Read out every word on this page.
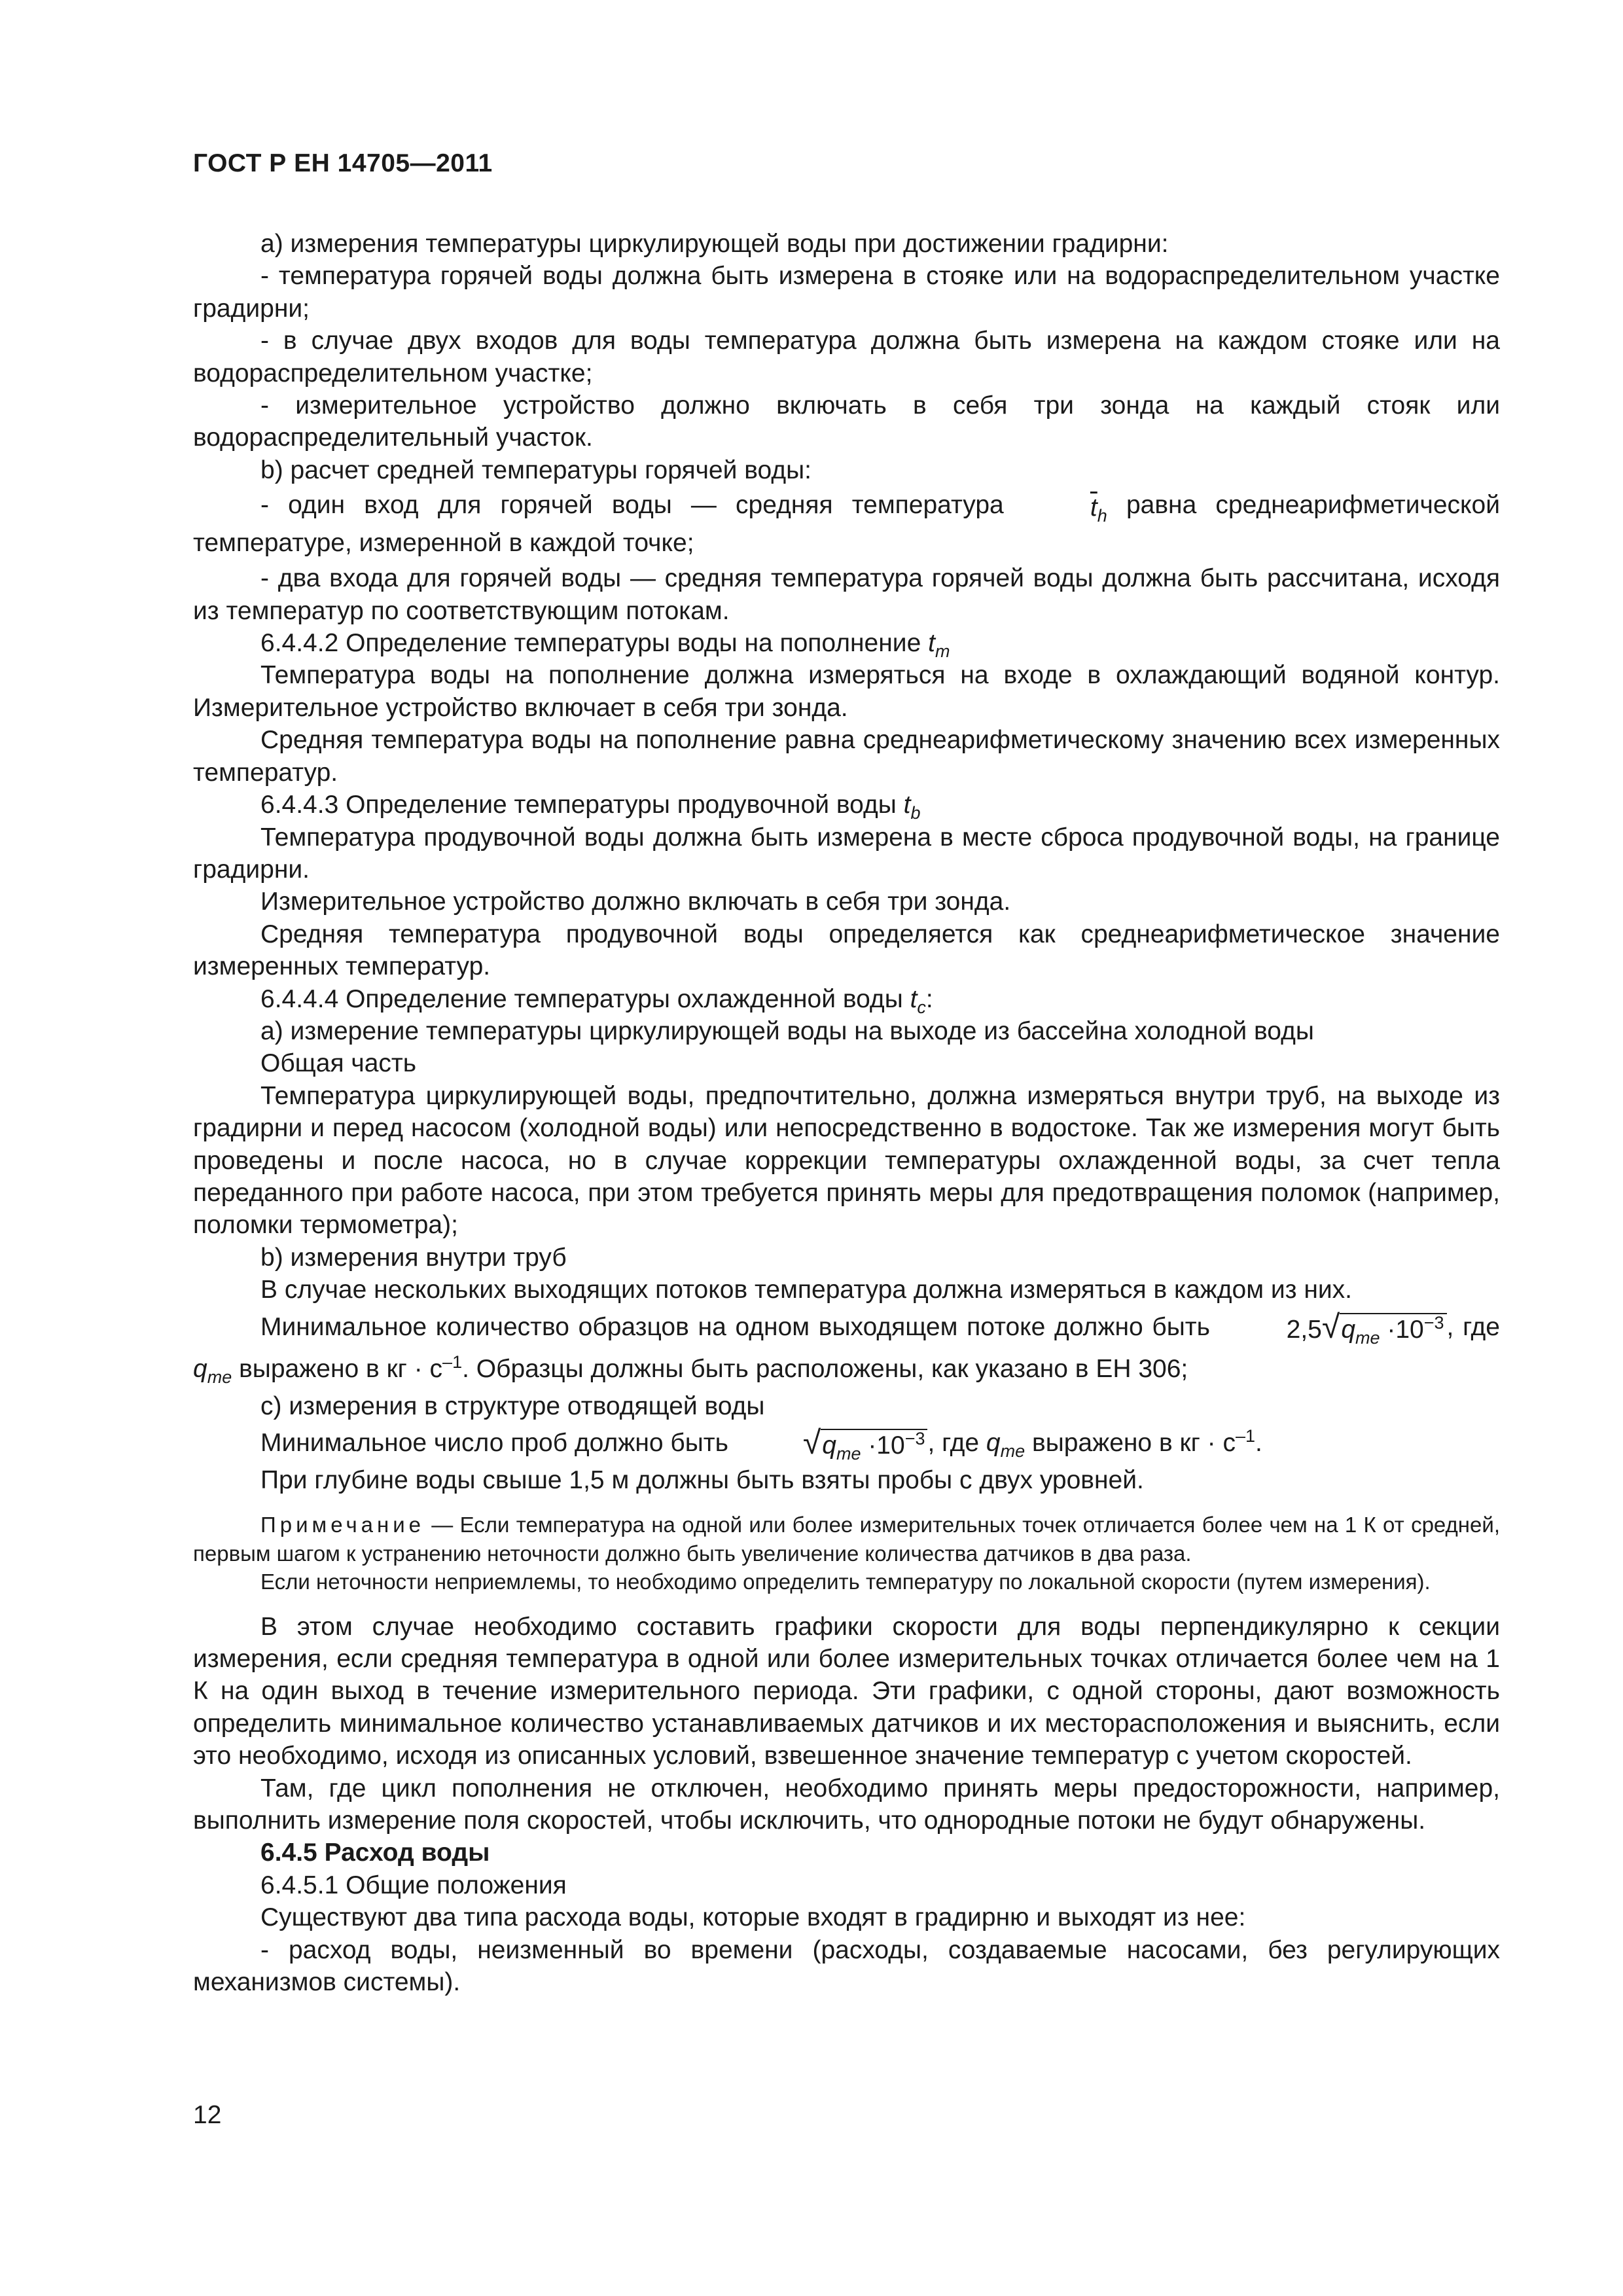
ГОСТ Р ЕН 14705—2011

а) измерения температуры циркулирующей воды при достижении градирни:

- температура горячей воды должна быть измерена в стояке или на водораспределительном участке градирни;

- в случае двух входов для воды температура должна быть измерена на каждом стояке или на водораспределительном участке;

- измерительное устройство должно включать в себя три зонда на каждый стояк или водораспределительный участок.

b) расчет средней температуры горячей воды:

- один вход для горячей воды — средняя температура	$\overline{t}_h$ равна среднеарифметической температуре, измеренной в каждой точке;

- два входа для горячей воды — средняя температура горячей воды должна быть рассчитана, исходя из температур по соответствующим потокам.

6.4.4.2 Определение температуры воды на пополнение $t_m$

Температура воды на пополнение должна измеряться на входе в охлаждающий водяной контур. Измерительное устройство включает в себя три зонда.

Средняя температура воды на пополнение равна среднеарифметическому значению всех измеренных температур.

6.4.4.3 Определение температуры продувочной воды $t_b$

Температура продувочной воды должна быть измерена в месте сброса продувочной воды, на границе градирни.

Измерительное устройство должно включать в себя три зонда.

Средняя температура продувочной воды определяется как среднеарифметическое значение измеренных температур.

6.4.4.4 Определение температуры охлажденной воды $t_c$:

а) измерение температуры циркулирующей воды на выходе из бассейна холодной воды

Общая часть

Температура циркулирующей воды, предпочтительно, должна измеряться внутри труб, на выходе из градирни и перед насосом (холодной воды) или непосредственно в водостоке. Так же измерения могут быть проведены и после насоса, но в случае коррекции температуры охлажденной воды, за счет тепла переданного при работе насоса, при этом требуется принять меры для предотвращения поломок (например, поломки термометра);

b) измерения внутри труб

В случае нескольких выходящих потоков температура должна измеряться в каждом из них.

Минимальное количество образцов на одном выходящем потоке должно быть	$2,5√q_{me} \cdot 10^{-3}$ , где $q_{me}$ выражено в кг · $с^{-1}$. Образцы должны быть расположены, как указано в ЕН 306;

с) измерения в структуре отводящей воды

Минимальное число проб должно быть $√q_{me} \cdot 10^{-3}$ , где $q_{me}$ выражено в кг · $с^{-1}$.

При глубине воды свыше 1,5 м должны быть взяты пробы с двух уровней.

Примечание — Если температура на одной или более измерительных точек отличается более чем на 1 К от средней, первым шагом к устранению неточности должно быть увеличение количества датчиков в два раза.

Если неточности неприемлемы, то необходимо определить температуру по локальной скорости (путем измерения).

В этом случае необходимо составить графики скорости для воды перпендикулярно к секции измерения, если средняя температура в одной или более измерительных точках отличается более чем на 1 К на один выход в течение измерительного периода. Эти графики, с одной стороны, дают возможность определить минимальное количество устанавливаемых датчиков и их месторасположения и выяснить, если это необходимо, исходя из описанных условий, взвешенное значение температур с учетом скоростей.

Там, где цикл пополнения не отключен, необходимо принять меры предосторожности, например, выполнить измерение поля скоростей, чтобы исключить, что однородные потоки не будут обнаружены.

6.4.5 Расход воды

6.4.5.1 Общие положения

Существуют два типа расхода воды, которые входят в градирню и выходят из нее:

- расход воды, неизменный во времени (расходы, создаваемые насосами, без регулирующих механизмов системы).

12
